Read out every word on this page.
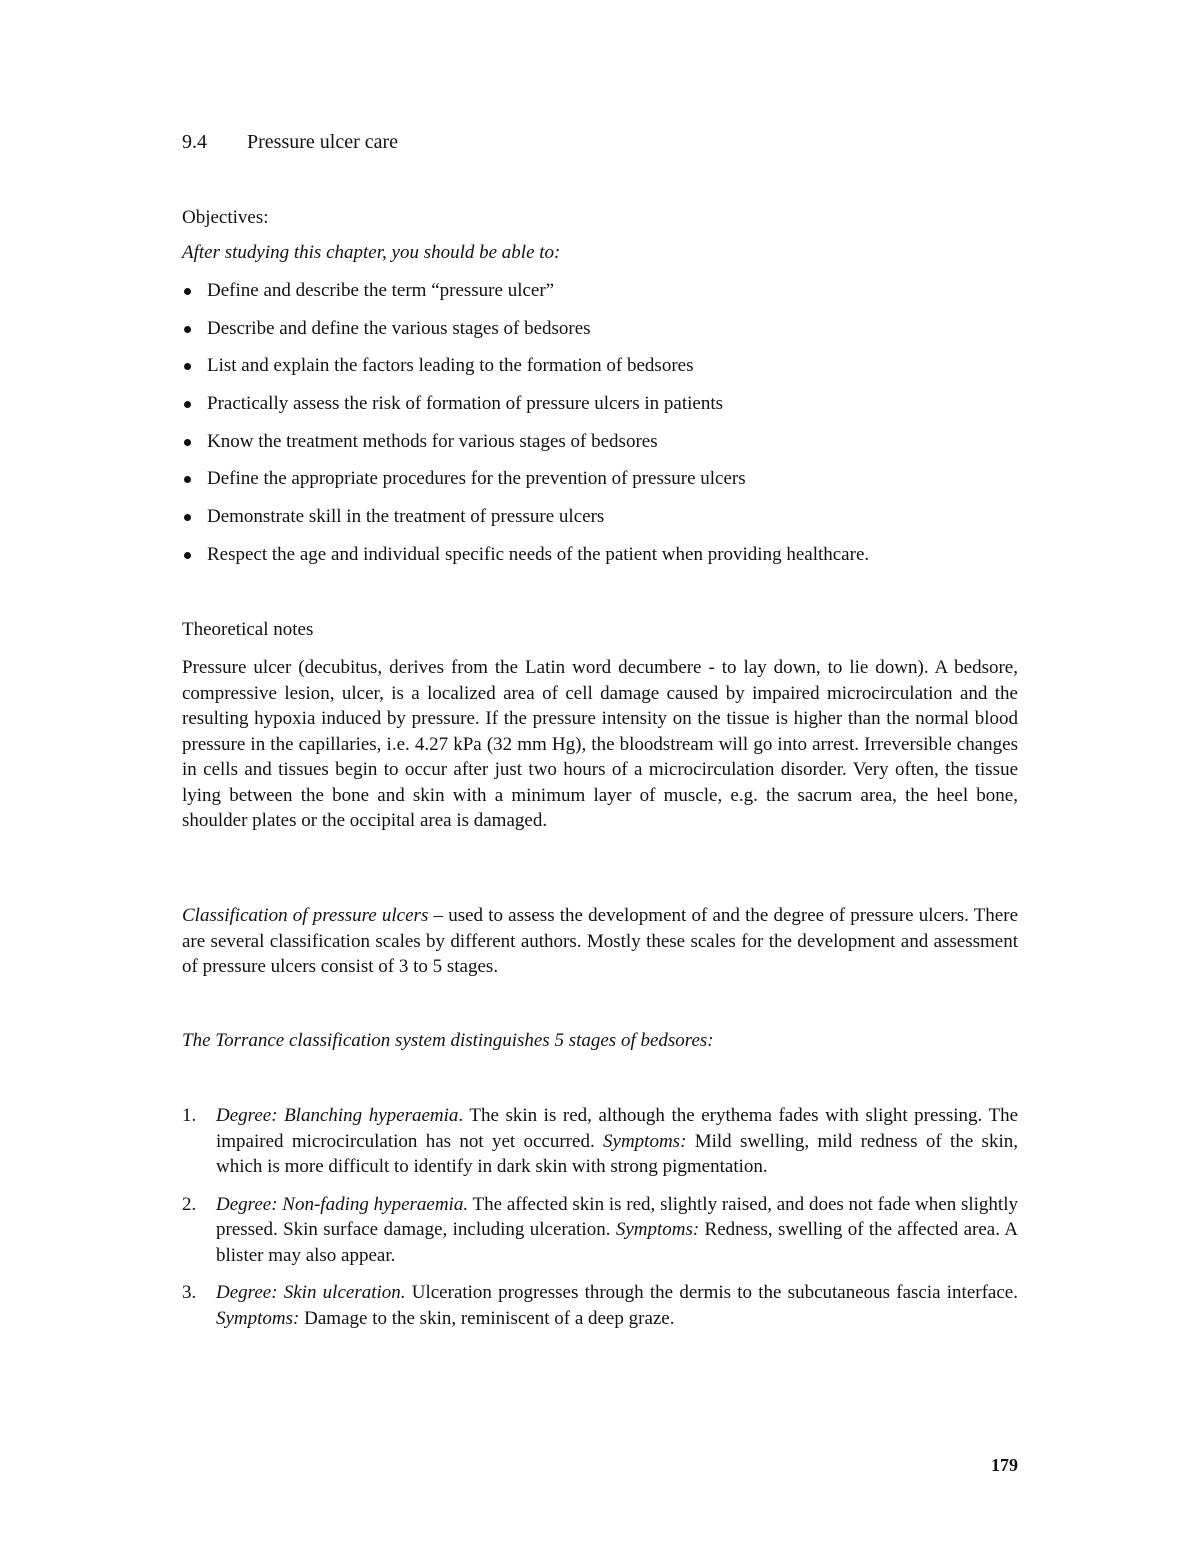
9.4 Pressure ulcer care
Objectives:
After studying this chapter, you should be able to:
Define and describe the term “pressure ulcer”
Describe and define the various stages of bedsores
List and explain the factors leading to the formation of bedsores
Practically assess the risk of formation of pressure ulcers in patients
Know the treatment methods for various stages of bedsores
Define the appropriate procedures for the prevention of pressure ulcers
Demonstrate skill in the treatment of pressure ulcers
Respect the age and individual specific needs of the patient when providing healthcare.
Theoretical notes
Pressure ulcer (decubitus, derives from the Latin word decumbere - to lay down, to lie down). A bedsore, compressive lesion, ulcer, is a localized area of cell damage caused by impaired microcirculation and the resulting hypoxia induced by pressure. If the pressure intensity on the tissue is higher than the normal blood pressure in the capillaries, i.e. 4.27 kPa (32 mm Hg), the bloodstream will go into arrest. Irreversible changes in cells and tissues begin to occur after just two hours of a microcirculation disorder. Very often, the tissue lying between the bone and skin with a minimum layer of muscle, e.g. the sacrum area, the heel bone, shoulder plates or the occipital area is damaged.
Classification of pressure ulcers – used to assess the development of and the degree of pressure ulcers. There are several classification scales by different authors. Mostly these scales for the development and assessment of pressure ulcers consist of 3 to 5 stages.
The Torrance classification system distinguishes 5 stages of bedsores:
1. Degree: Blanching hyperaemia. The skin is red, although the erythema fades with slight pressing. The impaired microcirculation has not yet occurred. Symptoms: Mild swelling, mild redness of the skin, which is more difficult to identify in dark skin with strong pigmentation.
2. Degree: Non-fading hyperaemia. The affected skin is red, slightly raised, and does not fade when slightly pressed. Skin surface damage, including ulceration. Symptoms: Redness, swelling of the affected area. A blister may also appear.
3. Degree: Skin ulceration. Ulceration progresses through the dermis to the subcutaneous fascia interface. Symptoms: Damage to the skin, reminiscent of a deep graze.
179
